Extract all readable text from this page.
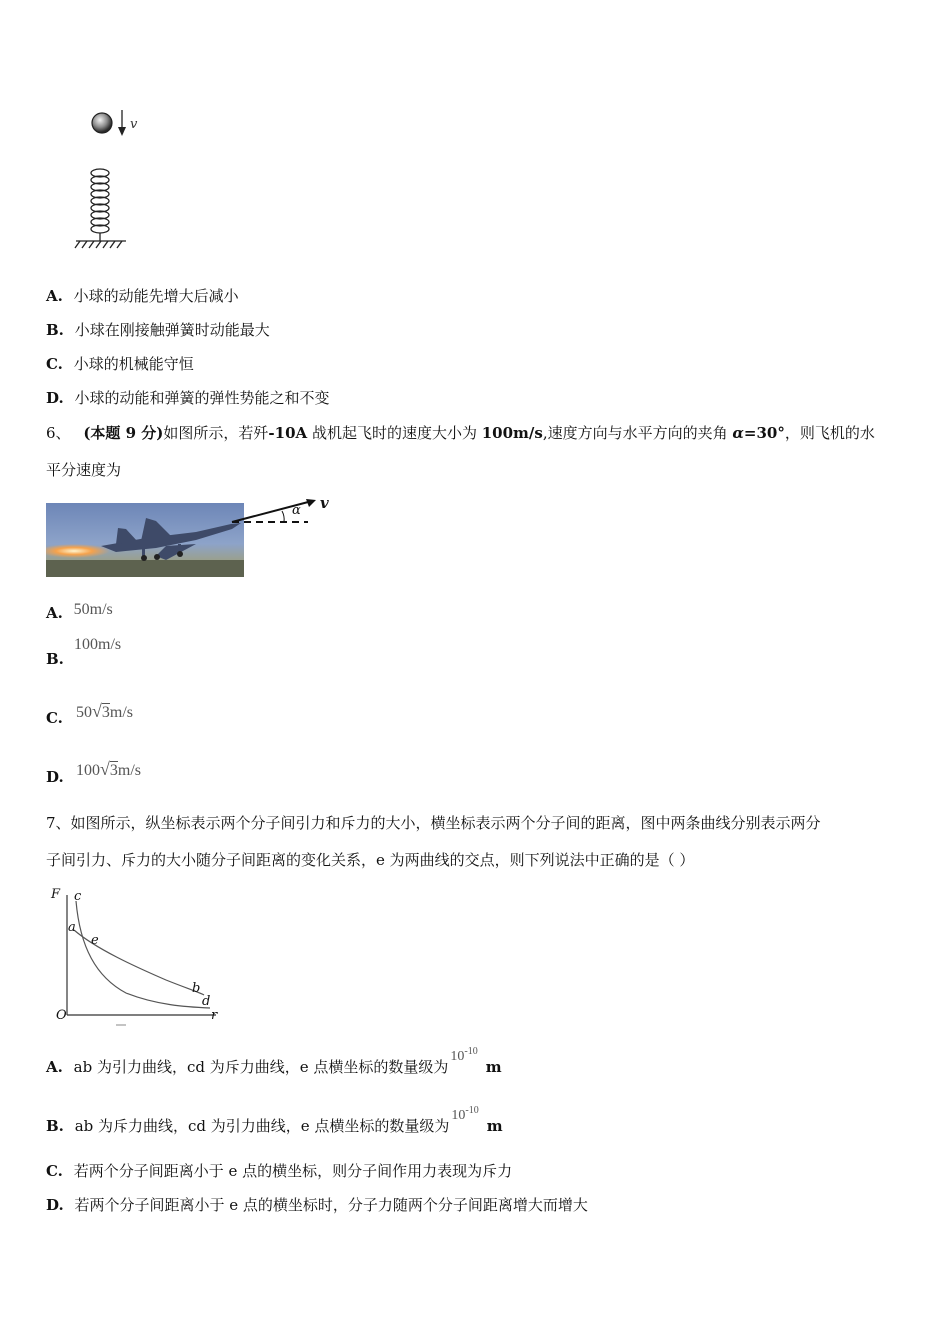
v
A. 小球的动能先增大后减小
B. 小球在刚接触弹簧时动能最大
C. 小球的机械能守恒
D. 小球的动能和弹簧的弹性势能之和不变
6、 (本题 9 分)如图所示，若歼-10A 战机起飞时的速度大小为 100m/s,速度方向与水平方向的夹角 α=30°，则飞机的水
平分速度为
α v
A. 50m/s
100m/s
B.
50√3m/s
C.
100√3m/s
D.
7、如图所示，纵坐标表示两个分子间引力和斥力的大小，横坐标表示两个分子间的距离，图中两条曲线分别表示两分
子间引力、斥力的大小随分子间距离的变化关系，e 为两曲线的交点，则下列说法中正确的是（ ）
F c
a
e
b
d
O	r
A. ab 为引力曲线，cd 为斥力曲线，e 点横坐标的数量级为$10^{-10}m$
B. ab 为斥力曲线，cd 为引力曲线，e 点横坐标的数量级为$10^{-10}m$
C. 若两个分子间距离小于 e 点的横坐标，则分子间作用力表现为斥力
D. 若两个分子间距离小于 e 点的横坐标时，分子力随两个分子间距离增大而增大
